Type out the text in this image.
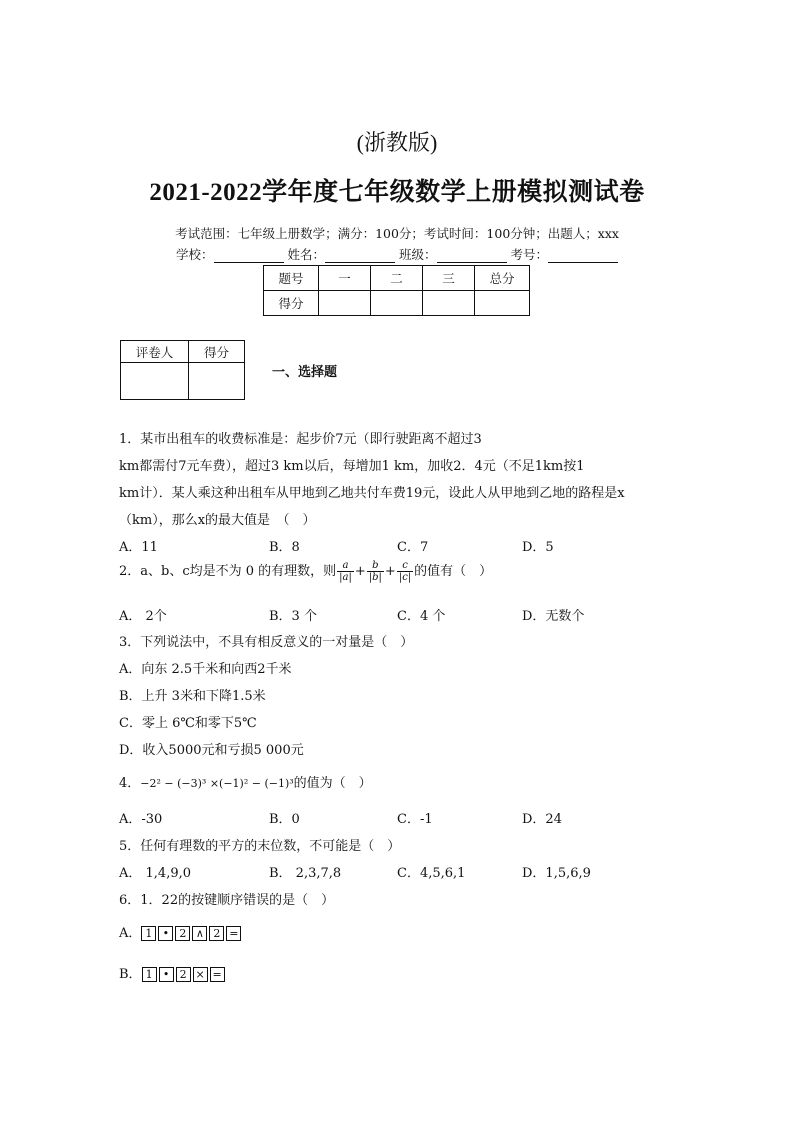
(浙教版)
2021-2022学年度七年级数学上册模拟测试卷
考试范围：七年级上册数学；满分：100分；考试时间：100分钟；出题人；xxx
学校：	姓名：	班级：	考号：
题号	一	二	三	总分
得分				
评卷人	得分

一、选择题
1．某市出租车的收费标准是：起步价7元（即行驶距离不超过3
km都需付7元车费），超过3 km以后，每增加1 km，加收2．4元（不足1km按1
km计）．某人乘这种出租车从甲地到乙地共付车费19元，设此人从甲地到乙地的路程是x
（km），那么x的最大值是　（　）
A．11	B．8	C．7	D．5
2．a、b、c均是不为 0 的有理数，则 $\frac{a}{|a|} + \frac{b}{|b|} + \frac{c}{|c|}$ 的值有（　）
A． 2个	B．3 个	C．4 个	D．无数个
3．下列说法中，不具有相反意义的一对量是（　）
A．向东 2.5千米和向西2千米
B．上升 3米和下降1.5米
C．零上 6℃和零下5℃
D．收入5000元和亏损5 000元
4．−2² − (−3)³ ×(−1)² − (−1)³的值为（　）
A．-30	B．0	C．-1	D．24
5．任何有理数的平方的末位数，不可能是（　）
A． 1,4,9,0	B． 2,3,7,8	C．4,5,6,1	D．1,5,6,9
6．1．22的按键顺序错误的是（　）
A． 1 • 2 ∧ 2 =
B． 1 • 2 × =
